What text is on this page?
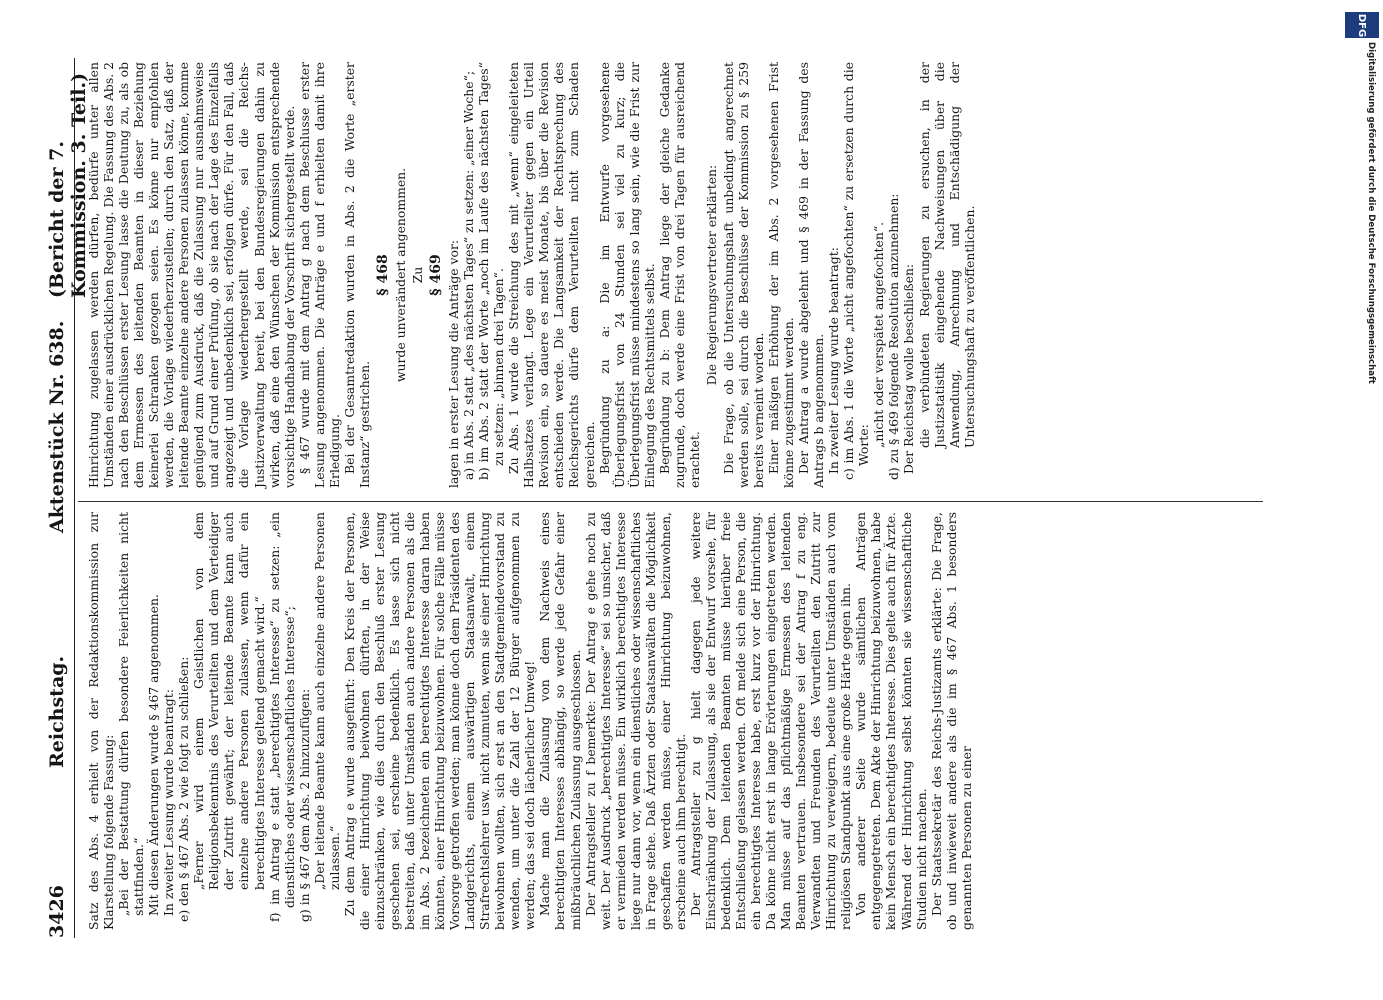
3426
Reichstag.
Aktenstück Nr. 638.
(Bericht der 7. Kommission. 3. Teil.)

Satz des Abs. 4 erhielt von der Redaktionskommission zur Klarstellung folgende Fassung: „Bei der Bestattung dürfen besondere Feierlichkeiten nicht stattfinden.“ Mit diesen Änderungen wurde § 467 angenommen. In zweiter Lesung wurde beantragt: e) den § 467 Abs. 2 wie folgt zu schließen: „Ferner wird einem Geistlichen von dem Religionsbekenntnis des Verurteilten und dem Verteidiger der Zutritt gewährt; der leitende Beamte kann auch einzelne andere Personen zulassen, wenn dafür ein berechtigtes Interesse geltend gemacht wird.“ f) im Antrag e statt „berechtigtes Interesse“ zu setzen: „ein dienstliches oder wissenschaftliches Interesse“; g) in § 467 dem Abs. 2 hinzuzufügen: „Der leitende Beamte kann auch einzelne andere Personen zulassen.“ Zu dem Antrag e wurde ausgeführt: Den Kreis der Personen, die einer Hinrichtung beiwohnen dürften, in der Weise einzuschränken, wie dies durch den Beschluß erster Lesung geschehen sei, erscheine bedenklich. Es lasse sich nicht bestreiten, daß unter Umständen auch andere Personen als die im Abs. 2 bezeichneten ein berechtigtes Interesse daran haben könnten, einer Hinrichtung beizuwohnen. Für solche Fälle müsse Vorsorge getroffen werden; man könne doch dem Präsidenten des Landgerichts, einem auswärtigen Staatsanwalt, einem Strafrechtslehrer usw. nicht zumuten, wenn sie einer Hinrichtung beiwohnen wollten, sich erst an den Stadtgemeindevorstand zu wenden, um unter die Zahl der 12 Bürger aufgenommen zu werden; das sei doch lächerlicher Umweg! Mache man die Zulassung von dem Nachweis eines berechtigten Interesses abhängig, so werde jede Gefahr einer mißbräuchlichen Zulassung ausgeschlossen. Der Antragsteller zu f bemerkte: Der Antrag e gehe noch zu weit. Der Ausdruck „berechtigtes Interesse“ sei so unsicher, daß er vermieden werden müsse. Ein wirklich berechtigtes Interesse liege nur dann vor, wenn ein dienstliches oder wissenschaftliches in Frage stehe. Daß Ärzten oder Staatsanwälten die Möglichkeit geschaffen werden müsse, einer Hinrichtung beizuwohnen, erscheine auch ihm berechtigt. Der Antragsteller zu g hielt dagegen jede weitere Einschränkung der Zulassung, als sie der Entwurf vorsehe, für bedenklich. Dem leitenden Beamten müsse hierüber freie Entschließung gelassen werden. Oft melde sich eine Person, die ein berechtigtes Interesse habe, erst kurz vor der Hinrichtung. Da könne nicht erst in lange Erörterungen eingetreten werden. Man müsse auf das pflichtmäßige Ermessen des leitenden Beamten vertrauen. Insbesondere sei der Antrag f zu eng. Verwandten und Freunden des Verurteilten den Zutritt zur Hinrichtung zu verweigern, bedeute unter Umständen auch vom religiösen Standpunkt aus eine große Härte gegen ihn. Von anderer Seite wurde sämtlichen Anträgen entgegengetreten. Dem Akte der Hinrichtung beizuwohnen, habe kein Mensch ein berechtigtes Interesse. Dies gelte auch für Ärzte. Während der Hinrichtung selbst könnten sie wissenschaftliche Studien nicht machen. Der Staatssekretär des Reichs-Justizamts erklärte: Die Frage, ob und inwieweit andere als die im § 467 Abs. 1 besonders genannten Personen zu einer

Hinrichtung zugelassen werden dürfen, bedürfe unter allen Umständen einer ausdrücklichen Regelung. Die Fassung des Abs. 2 nach den Beschlüssen erster Lesung lasse die Deutung zu, als ob dem Ermessen des leitenden Beamten in dieser Beziehung keinerlei Schranken gezogen seien. Es könne nur empfohlen werden, die Vorlage wiederherzustellen; durch den Satz, daß der leitende Beamte einzelne andere Personen zulassen könne, komme genügend zum Ausdruck, daß die Zulassung nur ausnahmsweise und auf Grund einer Prüfung, ob sie nach der Lage des Einzelfalls angezeigt und unbedenklich sei, erfolgen dürfe. Für den Fall, daß die Vorlage wiederhergestellt werde, sei die Reichs-Justizverwaltung bereit, bei den Bundesregierungen dahin zu wirken, daß eine den Wünschen der Kommission entsprechende vorsichtige Handhabung der Vorschrift sichergestellt werde. § 467 wurde mit dem Antrag g nach dem Beschlusse erster Lesung angenommen. Die Anträge e und f erhielten damit ihre Erledigung. Bei der Gesamtredaktion wurden in Abs. 2 die Worte „erster Instanz“ gestrichen.

§ 468 wurde unverändert angenommen. Zu § 469 lagen in erster Lesung die Anträge vor: a) in Abs. 2 statt „des nächsten Tages“ zu setzen: „einer Woche“; b) im Abs. 2 statt der Worte „noch im Laufe des nächsten Tages“ zu setzen: „binnen drei Tagen“. Zu Abs. 1 wurde die Streichung des mit „wenn“ eingeleiteten Halbsatzes verlangt. Lege ein Verurteilter gegen ein Urteil Revision ein, so dauere es meist Monate, bis über die Revision entschieden werde. Die Langsamkeit der Rechtsprechung des Reichsgerichts dürfe dem Verurteilten nicht zum Schaden gereichen. Begründung zu a: Die im Entwurfe vorgesehene Überlegungsfrist von 24 Stunden sei viel zu kurz; die Überlegungsfrist müsse mindestens so lang sein, wie die Frist zur Einlegung des Rechtsmittels selbst. Begründung zu b: Dem Antrag liege der gleiche Gedanke zugrunde, doch werde eine Frist von drei Tagen für ausreichend erachtet.

Die Regierungsvertreter erklärten: Die Frage, ob die Untersuchungshaft unbedingt angerechnet werden solle, sei durch die Beschlüsse der Kommission zu § 259 bereits verneint worden. Einer mäßigen Erhöhung der im Abs. 2 vorgesehenen Frist könne zugestimmt werden. Der Antrag a wurde abgelehnt und § 469 in der Fassung des Antrags b angenommen. In zweiter Lesung wurde beantragt: c) im Abs. 1 die Worte „nicht angefochten“ zu ersetzen durch die Worte: „nicht oder verspätet angefochten“. d) zu § 469 folgende Resolution anzunehmen: Der Reichstag wolle beschließen: die verbündeten Regierungen zu ersuchen, in der Justizstatistik eingehende Nachweisungen über die Anwendung, Anrechnung und Entschädigung der Untersuchungshaft zu veröffentlichen.

DFG
Digitalisierung gefördert durch die Deutsche Forschungsgemeinschaft
